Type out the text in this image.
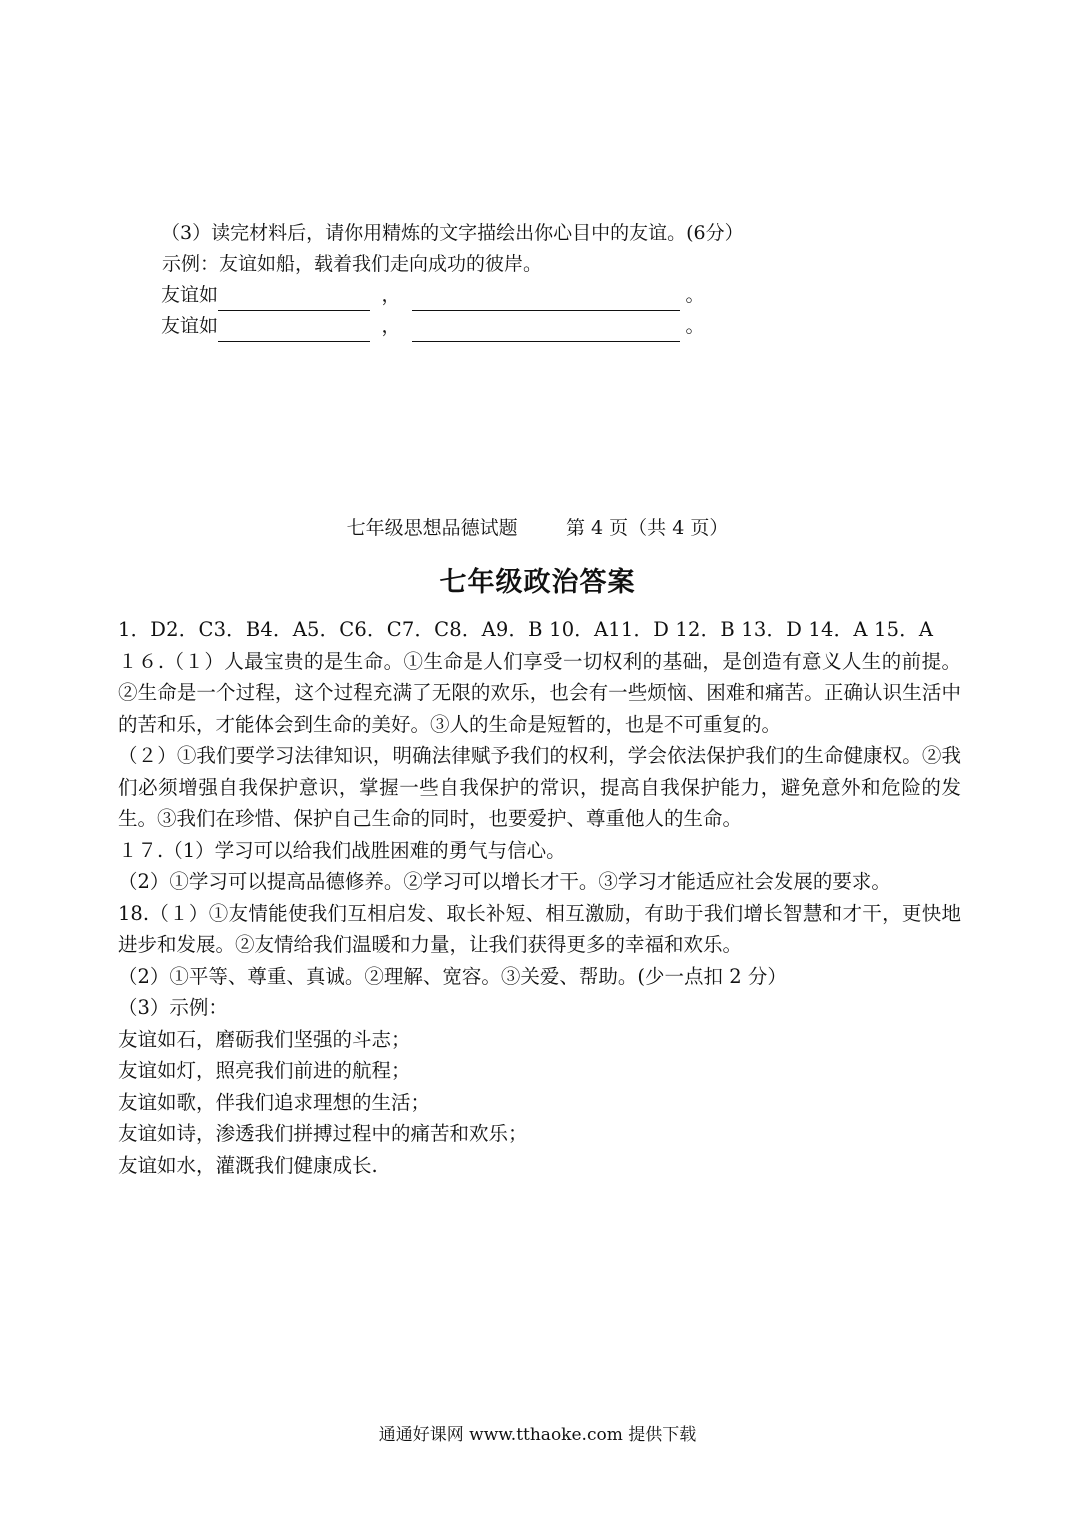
（3）读完材料后，请你用精炼的文字描绘出你心目中的友谊。(6分）
示例：友谊如船，载着我们走向成功的彼岸。
友谊如	，	。
友谊如	，	。
七年级思想品德试题        第 4 页（共 4 页）
七年级政治答案

1．D2．C3．B4．A5．C6．C7．C8．A9．B 10．A11．D 12．B 13．D 14．A 15．A

１６.（１）人最宝贵的是生命。①生命是人们享受一切权利的基础，是创造有意义人生的前提。②生命是一个过程，这个过程充满了无限的欢乐，也会有一些烦恼、困难和痛苦。正确认识生活中的苦和乐，才能体会到生命的美好。③人的生命是短暂的，也是不可重复的。

（２）①我们要学习法律知识，明确法律赋予我们的权利，学会依法保护我们的生命健康权。②我们必须增强自我保护意识，掌握一些自我保护的常识，提高自我保护能力，避免意外和危险的发生。③我们在珍惜、保护自己生命的同时，也要爱护、尊重他人的生命。

１７.（1）学习可以给我们战胜困难的勇气与信心。

（2）①学习可以提高品德修养。②学习可以增长才干。③学习才能适应社会发展的要求。

18.（１）①友情能使我们互相启发、取长补短、相互激励，有助于我们增长智慧和才干，更快地进步和发展。②友情给我们温暖和力量，让我们获得更多的幸福和欢乐。

（2）①平等、尊重、真诚。②理解、宽容。③关爱、帮助。(少一点扣 2 分）

（3）示例：

友谊如石，磨砺我们坚强的斗志；

友谊如灯，照亮我们前进的航程；

友谊如歌，伴我们追求理想的生活；

友谊如诗，渗透我们拼搏过程中的痛苦和欢乐；

友谊如水，灌溉我们健康成长.

通通好课网 www.tthaoke.com 提供下载
